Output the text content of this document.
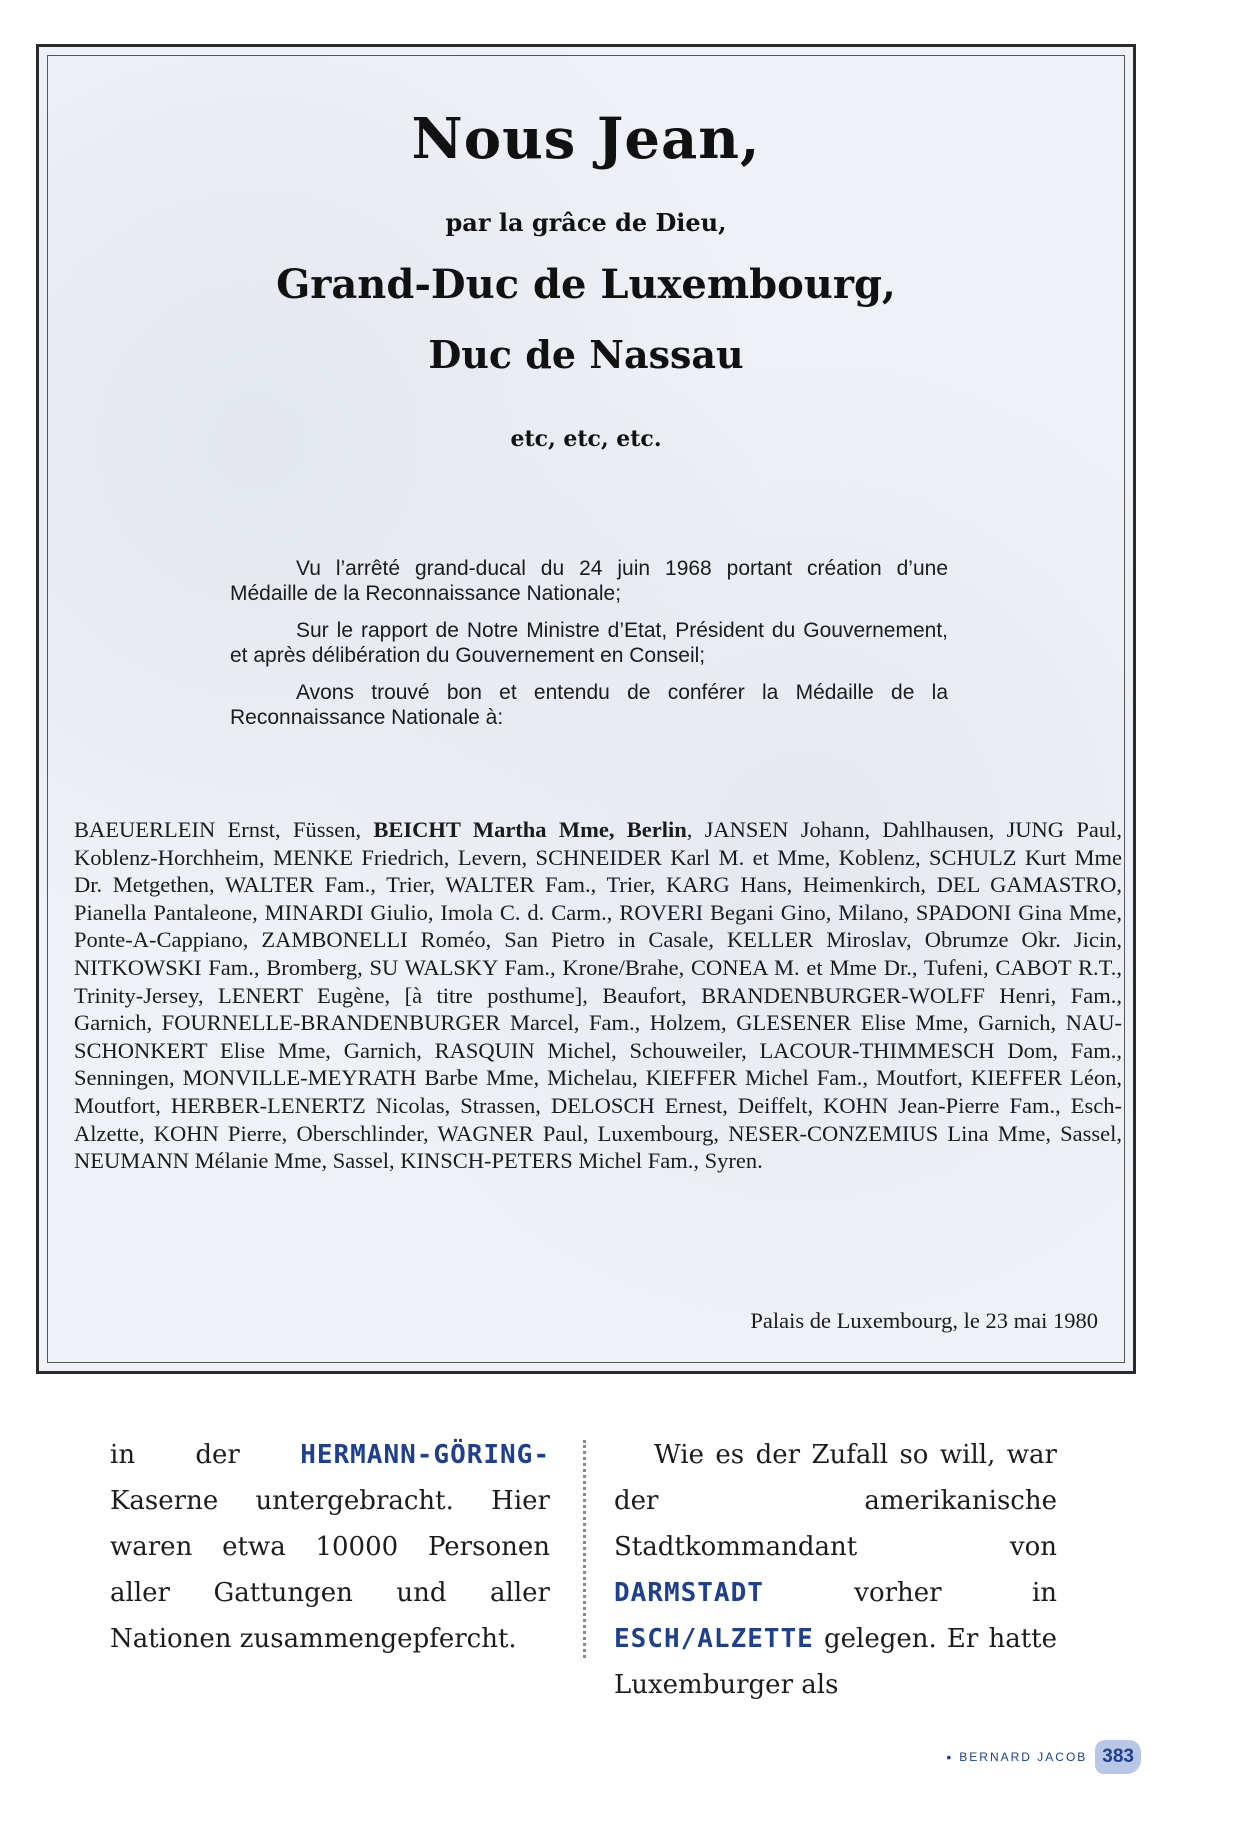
Nous Jean,
par la grâce de Dieu,
Grand-Duc de Luxembourg,
Duc de Nassau
etc, etc, etc.

Vu l’arrêté grand-ducal du 24 juin 1968 portant création d’une Médaille de la Reconnaissance Nationale;

Sur le rapport de Notre Ministre d’Etat, Président du Gouvernement, et après délibération du Gouvernement en Conseil;

Avons trouvé bon et entendu de conférer la Médaille de la Reconnaissance Nationale à:

BAEUERLEIN Ernst, Füssen, BEICHT Martha Mme, Berlin, JANSEN Johann, Dahlhausen, JUNG Paul, Koblenz-Horchheim, MENKE Friedrich, Levern, SCHNEIDER Karl M. et Mme, Koblenz, SCHULZ Kurt Mme Dr. Metgethen, WALTER Fam., Trier, WALTER Fam., Trier, KARG Hans, Heimenkirch, DEL GAMASTRO, Pianella Pantaleone, MINARDI Giulio, Imola C. d. Carm., ROVERI Begani Gino, Milano, SPADONI Gina Mme, Ponte-A-Cappiano, ZAMBONELLI Roméo, San Pietro in Casale, KELLER Miroslav, Obrumze Okr. Jicin, NITKOWSKI Fam., Bromberg, SU WALSKY Fam., Krone/Brahe, CONEA M. et Mme Dr., Tufeni, CABOT R.T., Trinity-Jersey, LENERT Eugène, [à titre posthume], Beaufort, BRANDENBURGER-WOLFF Henri, Fam., Garnich, FOURNELLE-BRANDENBURGER Marcel, Fam., Holzem, GLESENER Elise Mme, Garnich, NAU-SCHONKERT Elise Mme, Garnich, RASQUIN Michel, Schouweiler, LACOUR-THIMMESCH Dom, Fam., Senningen, MONVILLE-MEYRATH Barbe Mme, Michelau, KIEFFER Michel Fam., Moutfort, KIEFFER Léon, Moutfort, HERBER-LENERTZ Nicolas, Strassen, DELOSCH Ernest, Deiffelt, KOHN Jean-Pierre Fam., Esch-Alzette, KOHN Pierre, Oberschlinder, WAGNER Paul, Luxembourg, NESER-CONZEMIUS Lina Mme, Sassel, NEUMANN Mélanie Mme, Sassel, KINSCH-PETERS Michel Fam., Syren.
Palais de Luxembourg, le 23 mai 1980

in der HERMANN-GÖRING- Kaserne untergebracht. Hier waren etwa 10000 Personen aller Gattungen und aller Nationen zusammengepfercht.

Wie es der Zufall so will, war der amerikanische Stadtkommandant von DARMSTADT	vorher in ESCH/ALZETTE gelegen. Er hatte Luxemburger als

• BERNARD JACOB 383
